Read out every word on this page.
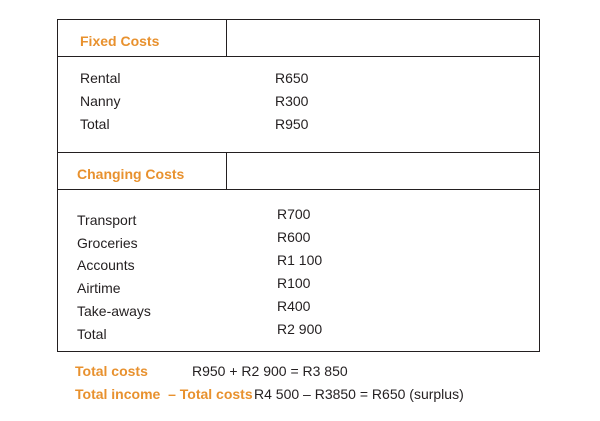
Fixed Costs
Rental	R650
Nanny	R300
Total	R950
Changing Costs
Transport	R700
Groceries	R600
Accounts	R1 100
Airtime	R100
Take-aways	R400
Total	R2 900
Total costs	R950 + R2 900 = R3 850
Total income  – Total costs R4 500 – R3850 = R650 (surplus)
